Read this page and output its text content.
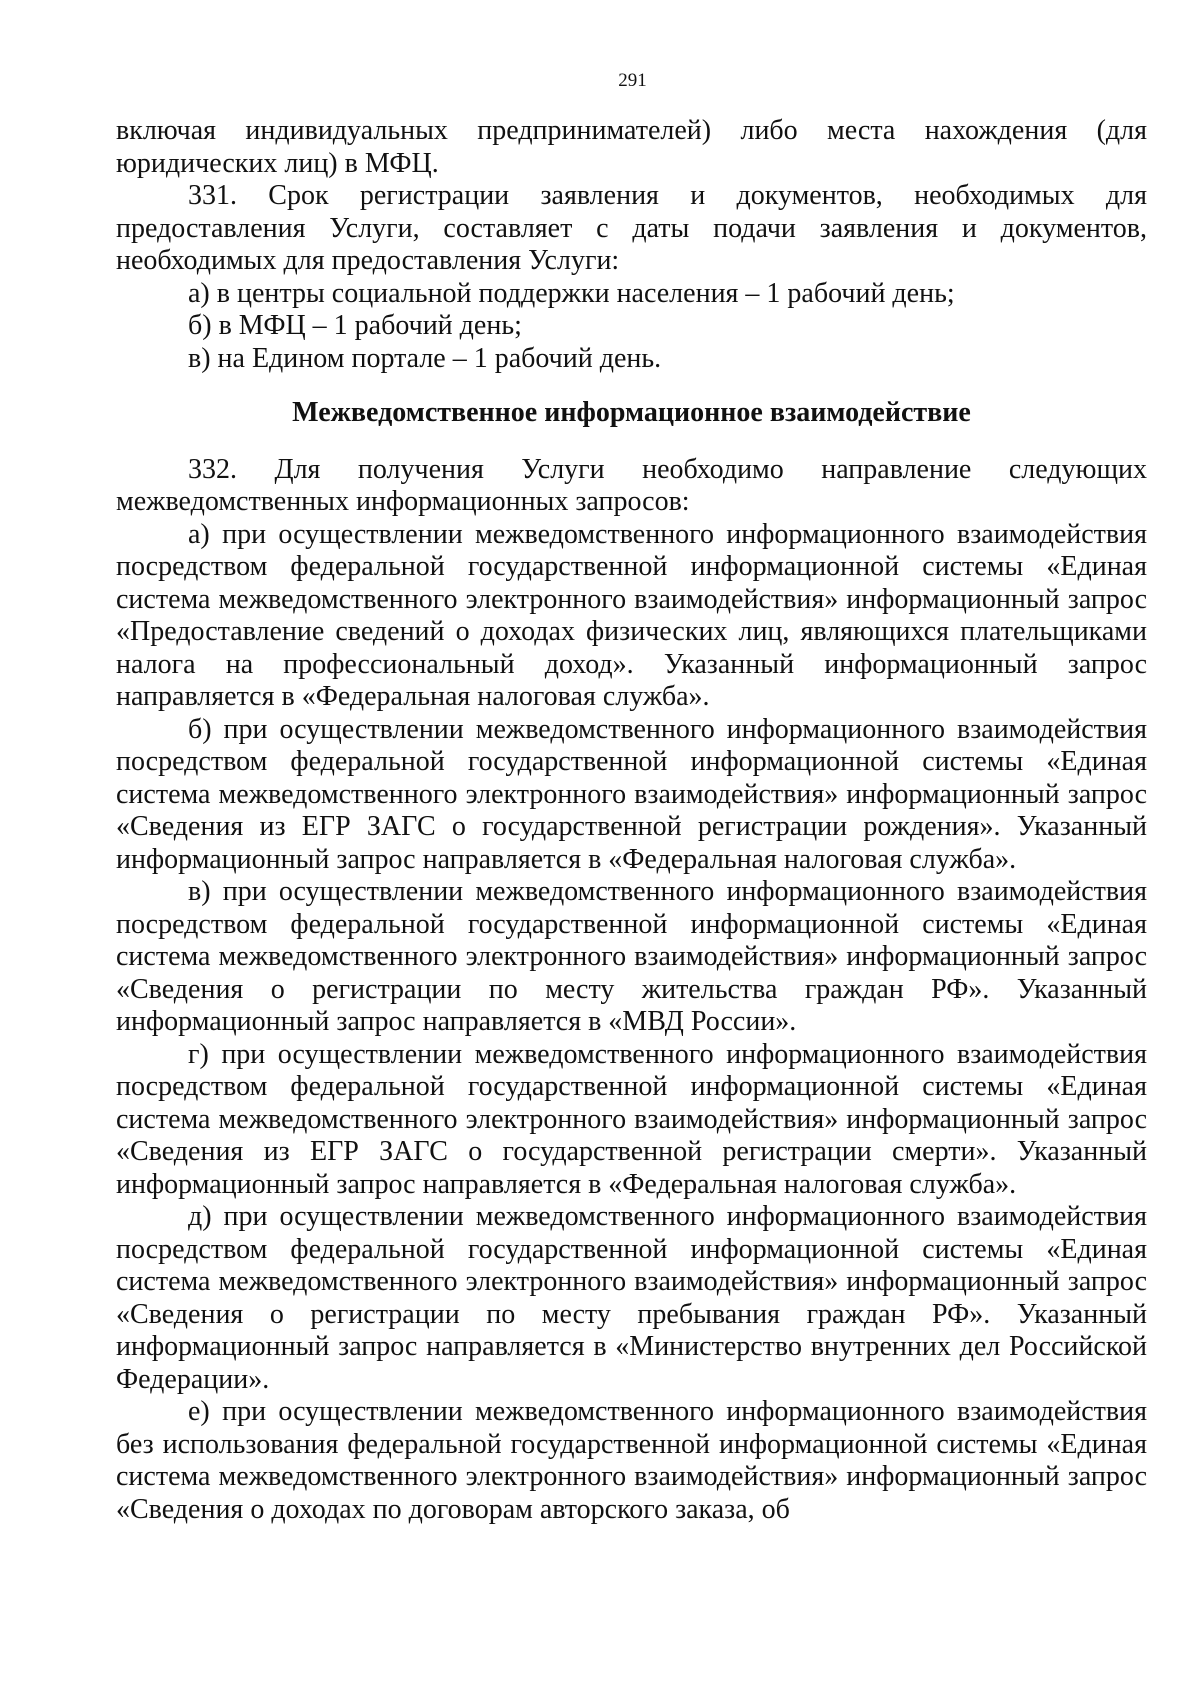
291

включая индивидуальных предпринимателей) либо места нахождения (для юридических лиц) в МФЦ.

331. Срок регистрации заявления и документов, необходимых для предоставления Услуги, составляет с даты подачи заявления и документов, необходимых для предоставления Услуги:

а) в центры социальной поддержки населения – 1 рабочий день;

б) в МФЦ – 1 рабочий день;

в) на Едином портале – 1 рабочий день.

Межведомственное информационное взаимодействие

332. Для получения Услуги необходимо направление следующих межведомственных информационных запросов:

а) при осуществлении межведомственного информационного взаимодействия посредством федеральной государственной информационной системы «Единая система межведомственного электронного взаимодействия» информационный запрос «Предоставление сведений о доходах физических лиц, являющихся плательщиками налога на профессиональный доход». Указанный информационный запрос направляется в «Федеральная налоговая служба».

б) при осуществлении межведомственного информационного взаимодействия посредством федеральной государственной информационной системы «Единая система межведомственного электронного взаимодействия» информационный запрос «Сведения из ЕГР ЗАГС о государственной регистрации рождения». Указанный информационный запрос направляется в «Федеральная налоговая служба».

в) при осуществлении межведомственного информационного взаимодействия посредством федеральной государственной информационной системы «Единая система межведомственного электронного взаимодействия» информационный запрос «Сведения о регистрации по месту жительства граждан РФ». Указанный информационный запрос направляется в «МВД России».

г) при осуществлении межведомственного информационного взаимодействия посредством федеральной государственной информационной системы «Единая система межведомственного электронного взаимодействия» информационный запрос «Сведения из ЕГР ЗАГС о государственной регистрации смерти». Указанный информационный запрос направляется в «Федеральная налоговая служба».

д) при осуществлении межведомственного информационного взаимодействия посредством федеральной государственной информационной системы «Единая система межведомственного электронного взаимодействия» информационный запрос «Сведения о регистрации по месту пребывания граждан РФ». Указанный информационный запрос направляется в «Министерство внутренних дел Российской Федерации».

е) при осуществлении межведомственного информационного взаимодействия без использования федеральной государственной информационной системы «Единая система межведомственного электронного взаимодействия» информационный запрос «Сведения о доходах по договорам авторского заказа, об
